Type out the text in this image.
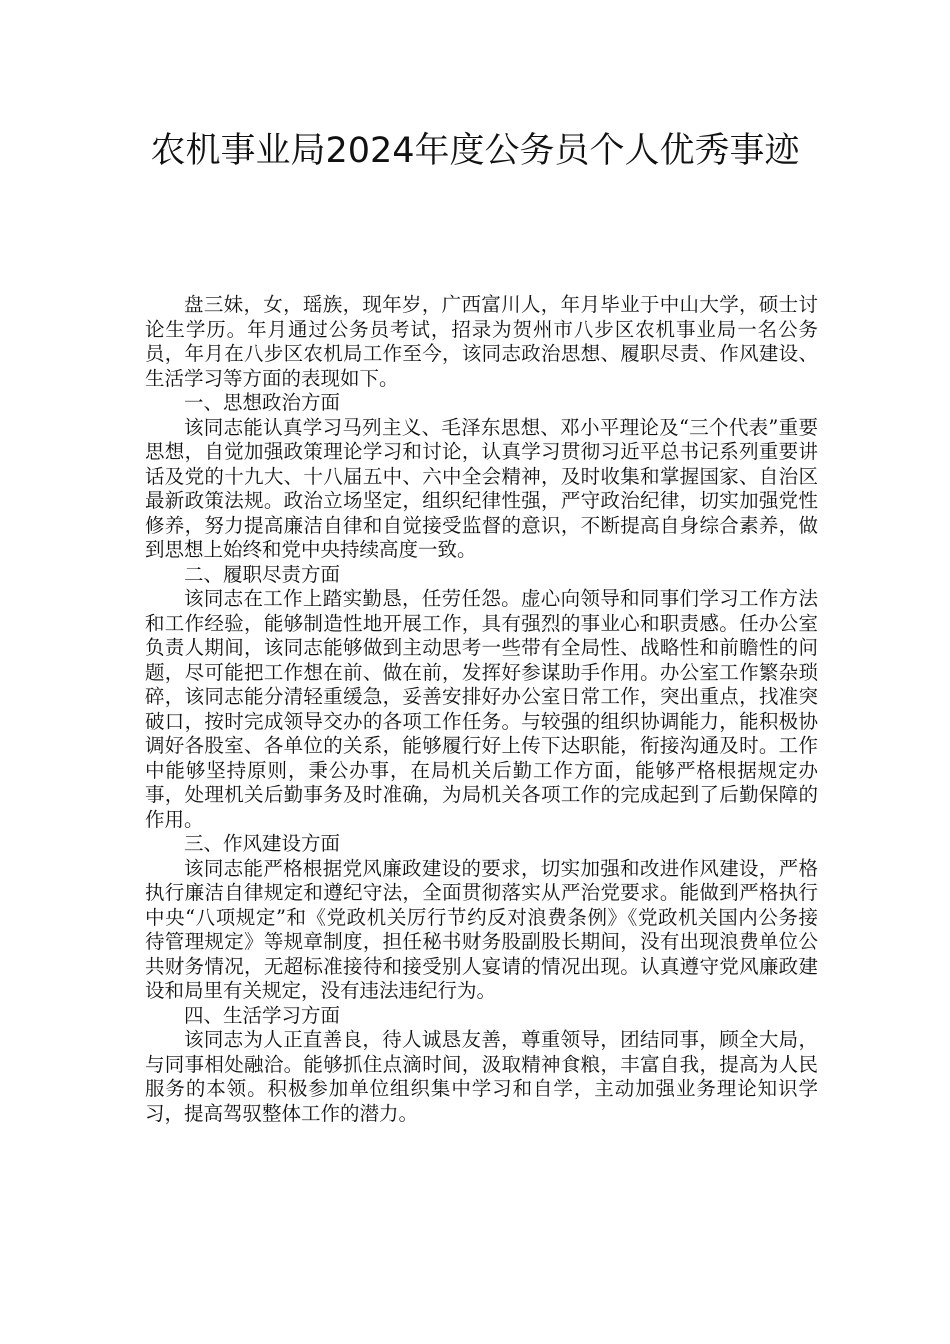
农机事业局2024年度公务员个人优秀事迹

盘三妹，女，瑶族，现年岁，广西富川人，年月毕业于中山大学，硕士讨论生学历。年月通过公务员考试，招录为贺州市八步区农机事业局一名公务员，年月在八步区农机局工作至今，该同志政治思想、履职尽责、作风建设、生活学习等方面的表现如下。

一、思想政治方面

该同志能认真学习马列主义、毛泽东思想、邓小平理论及“三个代表”重要思想，自觉加强政策理论学习和讨论，认真学习贯彻习近平总书记系列重要讲话及党的十九大、十八届五中、六中全会精神，及时收集和掌握国家、自治区最新政策法规。政治立场坚定，组织纪律性强，严守政治纪律，切实加强党性修养，努力提高廉洁自律和自觉接受监督的意识，不断提高自身综合素养，做到思想上始终和党中央持续高度一致。

二、履职尽责方面

该同志在工作上踏实勤恳，任劳任怨。虚心向领导和同事们学习工作方法和工作经验，能够制造性地开展工作，具有强烈的事业心和职责感。任办公室负责人期间，该同志能够做到主动思考一些带有全局性、战略性和前瞻性的问题，尽可能把工作想在前、做在前，发挥好参谋助手作用。办公室工作繁杂琐碎，该同志能分清轻重缓急，妥善安排好办公室日常工作，突出重点，找准突破口，按时完成领导交办的各项工作任务。与较强的组织协调能力，能积极协调好各股室、各单位的关系，能够履行好上传下达职能，衔接沟通及时。工作中能够坚持原则，秉公办事，在局机关后勤工作方面，能够严格根据规定办事，处理机关后勤事务及时准确，为局机关各项工作的完成起到了后勤保障的作用。

三、作风建设方面

该同志能严格根据党风廉政建设的要求，切实加强和改进作风建设，严格执行廉洁自律规定和遵纪守法，全面贯彻落实从严治党要求。能做到严格执行中央“八项规定”和《党政机关厉行节约反对浪费条例》《党政机关国内公务接待管理规定》等规章制度，担任秘书财务股副股长期间，没有出现浪费单位公共财务情况，无超标准接待和接受别人宴请的情况出现。认真遵守党风廉政建设和局里有关规定，没有违法违纪行为。

四、生活学习方面

该同志为人正直善良，待人诚恳友善，尊重领导，团结同事，顾全大局，与同事相处融洽。能够抓住点滴时间，汲取精神食粮，丰富自我，提高为人民服务的本领。积极参加单位组织集中学习和自学，主动加强业务理论知识学习，提高驾驭整体工作的潜力。
